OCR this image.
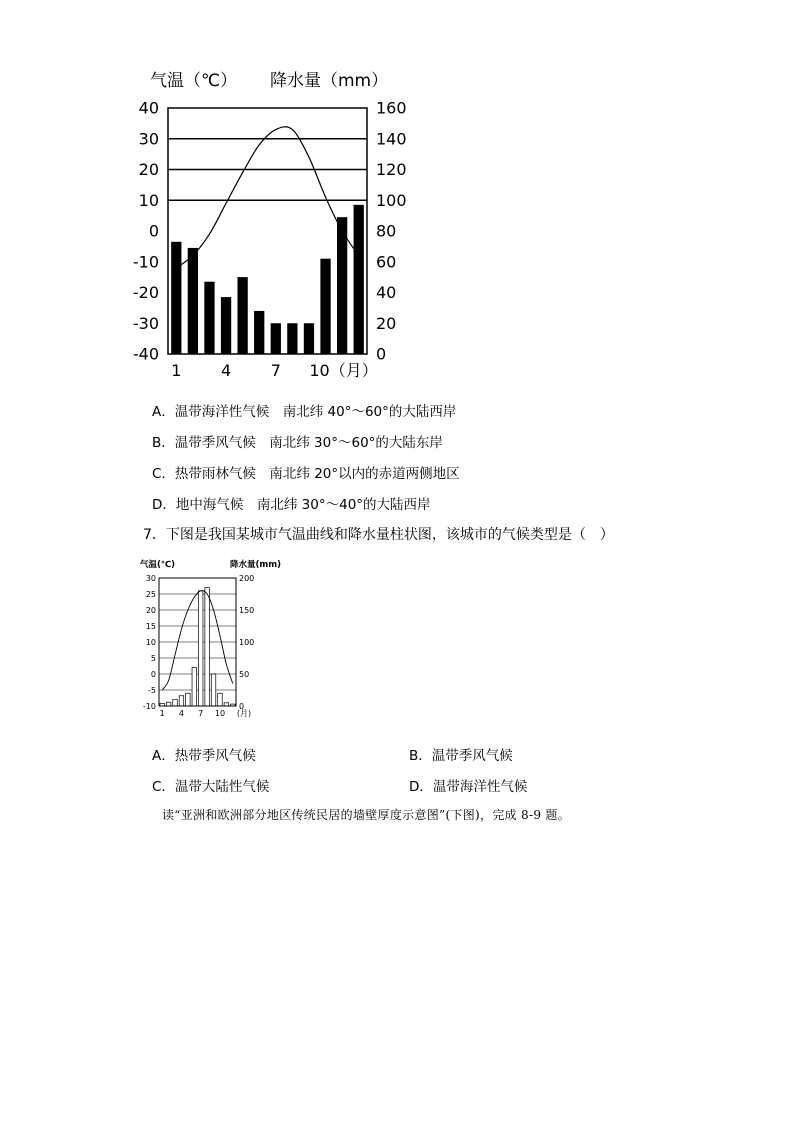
气温（℃） 降水量（mm）
40
30
20
10
0
-10
-20
-30
-40
160
140
120
100
80
60
40
20
0
1 4 7 10（月）
A．温带海洋性气候　南北纬 40°～60°的大陆西岸
B．温带季风气候　南北纬 30°～60°的大陆东岸
C．热带雨林气候　南北纬 20°以内的赤道两侧地区
D．地中海气候　南北纬 30°～40°的大陆西岸
7．下图是我国某城市气温曲线和降水量柱状图，该城市的气候类型是（　）
气温(℃)	降水量(mm)
30
25
20
15
10
5
0
-5
-10
200
150
100
50
0
1 4 7 10 (月)
A．热带季风气候	B．温带季风气候
C．温带大陆性气候	D．温带海洋性气候
读“亚洲和欧洲部分地区传统民居的墙壁厚度示意图”(下图)，完成 8-9 题。
